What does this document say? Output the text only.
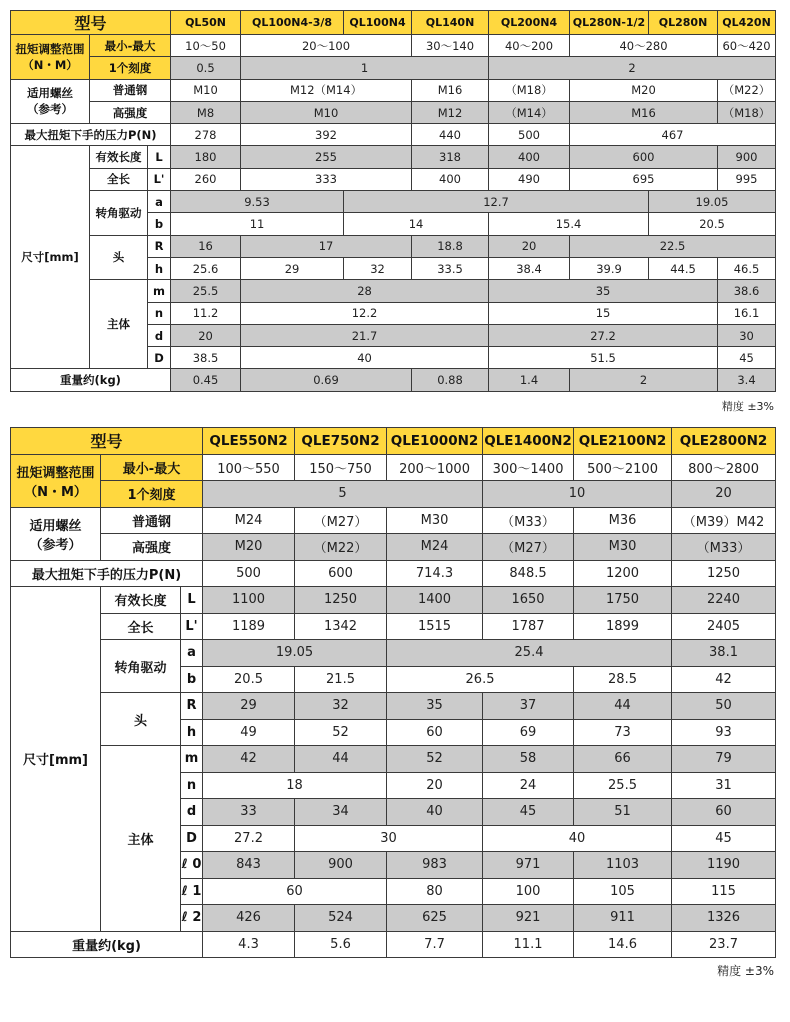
型号			QL50N	QL100N4-3/8	QL100N4	QL140N	QL200N4	QL280N-1/2	QL280N	QL420N
扭矩调整范围
（N・M）	最小-最大		10～50	20～100		30～140	40～200	40～280		60～420
	1个刻度		0.5	1			2			
适用螺丝
（参考）	普通钢		M10	M12（M14）		M16	（M18）	M20		（M22）
	高强度		M8	M10		M12	（M14）	M16		（M18）
最大扭矩下手的压力P(N)			278	392		440	500	467		
尺寸[mm]	有效长度	L	180	255		318	400	600		900
	全长	L'	260	333		400	490	695		995
	转角驱动	a	9.53		12.7				19.05	
		b	11		14		15.4		20.5	
	头	R	16	17		18.8	20	22.5		
		h	25.6	29	32	33.5	38.4	39.9	44.5	46.5
	主体	m	25.5	28			35			38.6
		n	11.2	12.2			15			16.1
		d	20	21.7			27.2			30
		D	38.5	40			51.5			45
重量约(kg)			0.45	0.69		0.88	1.4	2		3.4
精度 ±3%
型号			QLE550N2	QLE750N2	QLE1000N2	QLE1400N2	QLE2100N2	QLE2800N2
扭矩调整范围
（N・M）	最小-最大		100～550	150～750	200～1000	300～1400	500～2100	800～2800
	1个刻度		5			10		20
适用螺丝
（参考）	普通钢		M24	（M27）	M30	（M33）	M36	（M39）M42
	高强度		M20	（M22）	M24	（M27）	M30	（M33）
最大扭矩下手的压力P(N)			500	600	714.3	848.5	1200	1250
尺寸[mm]	有效长度	L	1100	1250	1400	1650	1750	2240
	全长	L'	1189	1342	1515	1787	1899	2405
	转角驱动	a	19.05		25.4			38.1
		b	20.5	21.5	26.5		28.5	42
	头	R	29	32	35	37	44	50
		h	49	52	60	69	73	93
	主体	m	42	44	52	58	66	79
		n	18		20	24	25.5	31
		d	33	34	40	45	51	60
		D	27.2	30		40		45
		ℓ 0	843	900	983	971	1103	1190
		ℓ 1	60		80	100	105	115
		ℓ 2	426	524	625	921	911	1326
重量约(kg)			4.3	5.6	7.7	11.1	14.6	23.7
精度 ±3%
